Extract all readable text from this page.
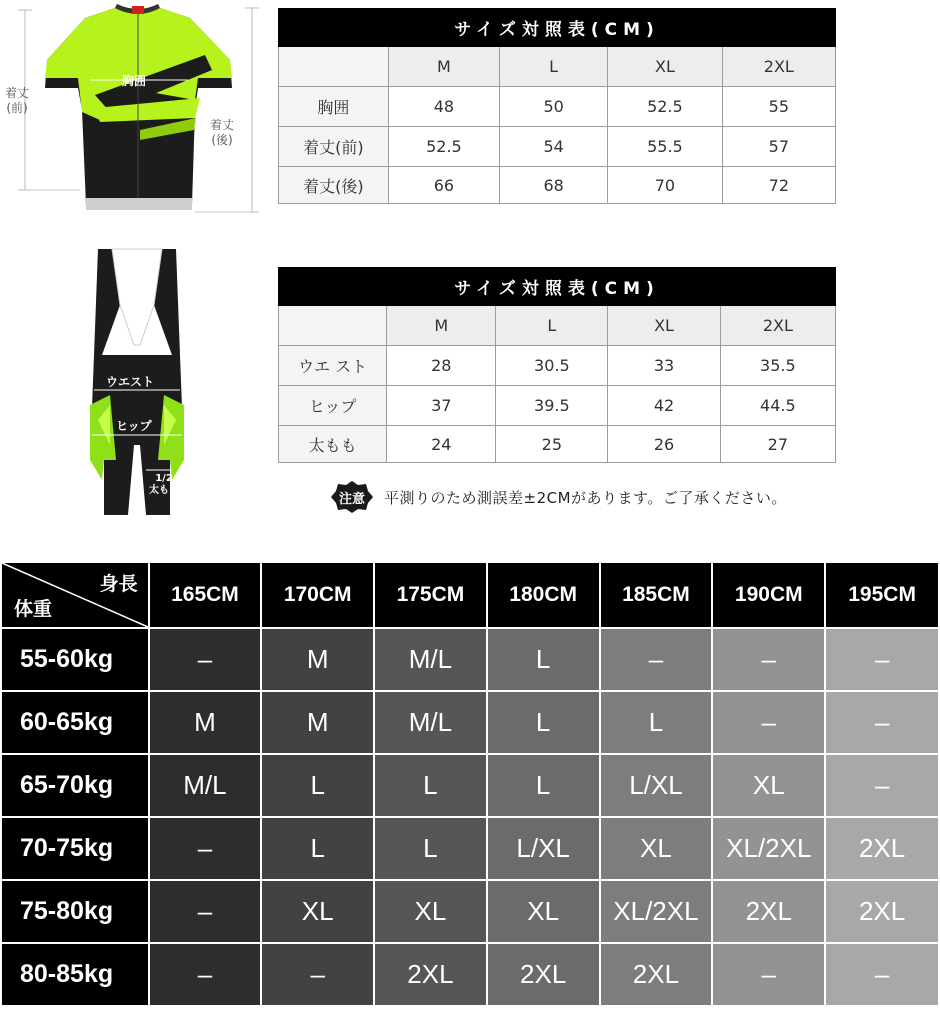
胸囲
着丈
(前)
着丈
(後)
ウエスト
ヒップ
1/2
太もも
サイズ対照表(CM)				
	M	L	XL	2XL
胸囲	48	50	52.5	55
着丈(前)	52.5	54	55.5	57
着丈(後)	66	68	70	72
サイズ対照表(CM)				
	M	L	XL	2XL
ウエ スト	28	30.5	33	35.5
ヒップ	37	39.5	42	44.5
太もも	24	25	26	27
注意	平測りのため測誤差±2CMがあります。ご了承ください。
身長
体重	165CM	170CM	175CM	180CM	185CM	190CM	195CM
55-60kg	–	M	M/L	L	–	–	–
60-65kg	M	M	M/L	L	L	–	–
65-70kg	M/L	L	L	L	L/XL	XL	–
70-75kg	–	L	L	L/XL	XL	XL/2XL	2XL
75-80kg	–	XL	XL	XL	XL/2XL	2XL	2XL
80-85kg	–	–	2XL	2XL	2XL	–	–
